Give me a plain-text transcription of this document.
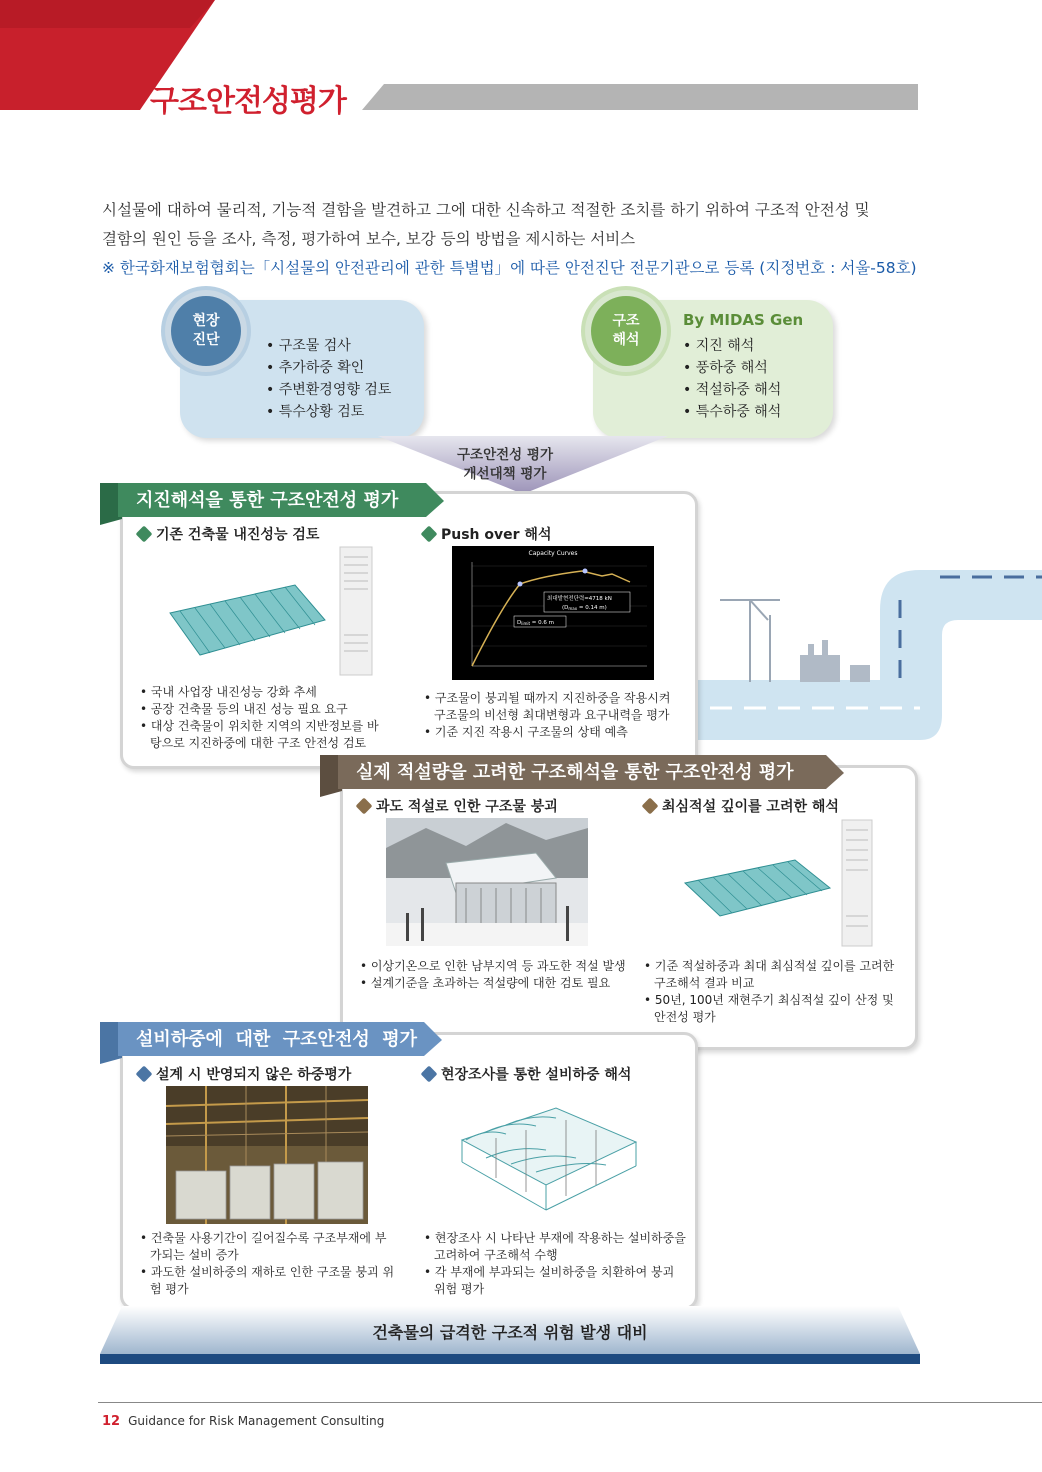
구조안전성평가
시설물에 대하여 물리적, 기능적 결함을 발견하고 그에 대한 신속하고 적절한 조치를 하기 위하여 구조적 안전성 및
결함의 원인 등을 조사, 측정, 평가하여 보수, 보강 등의 방법을 제시하는 서비스
※ 한국화재보험협회는「시설물의 안전관리에 관한 특별법」에 따른 안전진단 전문기관으로 등록 (지정번호 : 서울-58호)
현장
진단
•	구조물 검사
• 추가하중 확인
• 주변환경영향 검토
• 특수상황 검토
구조
해석
By MIDAS Gen
• 지진 해석
• 풍하중 해석
• 적설하중 해석
• 특수하중 해석
구조안전성 평가
개선대책 평가
지진해석을 통한 구조안전성 평가
기존 건축물 내진성능 검토	Push over 해석
Capacity Curves
최대발현전단력=4718 kN
(Dmax = 0.14 m)
Dlimit = 0.6 m
• 국내 사업장 내진성능 강화 추세
• 공장 건축물 등의 내진 성능 필요 요구
• 대상 건축물이 위치한 지역의 지반정보를 바탕으로 지진하중에 대한 구조 안전성 검토
• 구조물이 붕괴될 때까지 지진하중을 작용시켜 구조물의 비선형 최대변형과 요구내력을 평가
• 기준 지진 작용시 구조물의 상태 예측
실제 적설량을 고려한 구조해석을 통한 구조안전성 평가
과도 적설로 인한 구조물 붕괴	최심적설 깊이를 고려한 해석
• 이상기온으로 인한 남부지역 등 과도한 적설 발생
• 설계기준을 초과하는 적설량에 대한 검토 필요
• 기준 적설하중과 최대 최심적설 깊이를 고려한 구조해석 결과 비교
• 50년, 100년 재현주기 최심적설 깊이 산정 및 안전성 평가
설비하중에  대한  구조안전성  평가
설계 시 반영되지 않은 하중평가	현장조사를 통한 설비하중 해석
• 건축물 사용기간이 길어질수록 구조부재에 부가되는 설비 증가
• 과도한 설비하중의 재하로 인한 구조물 붕괴 위험 평가
• 현장조사 시 나타난 부재에 작용하는 설비하중을 고려하여 구조해석 수행
• 각 부재에 부과되는 설비하중을 치환하여 붕괴 위험 평가
건축물의 급격한 구조적 위험 발생 대비
12 Guidance for Risk Management Consulting
